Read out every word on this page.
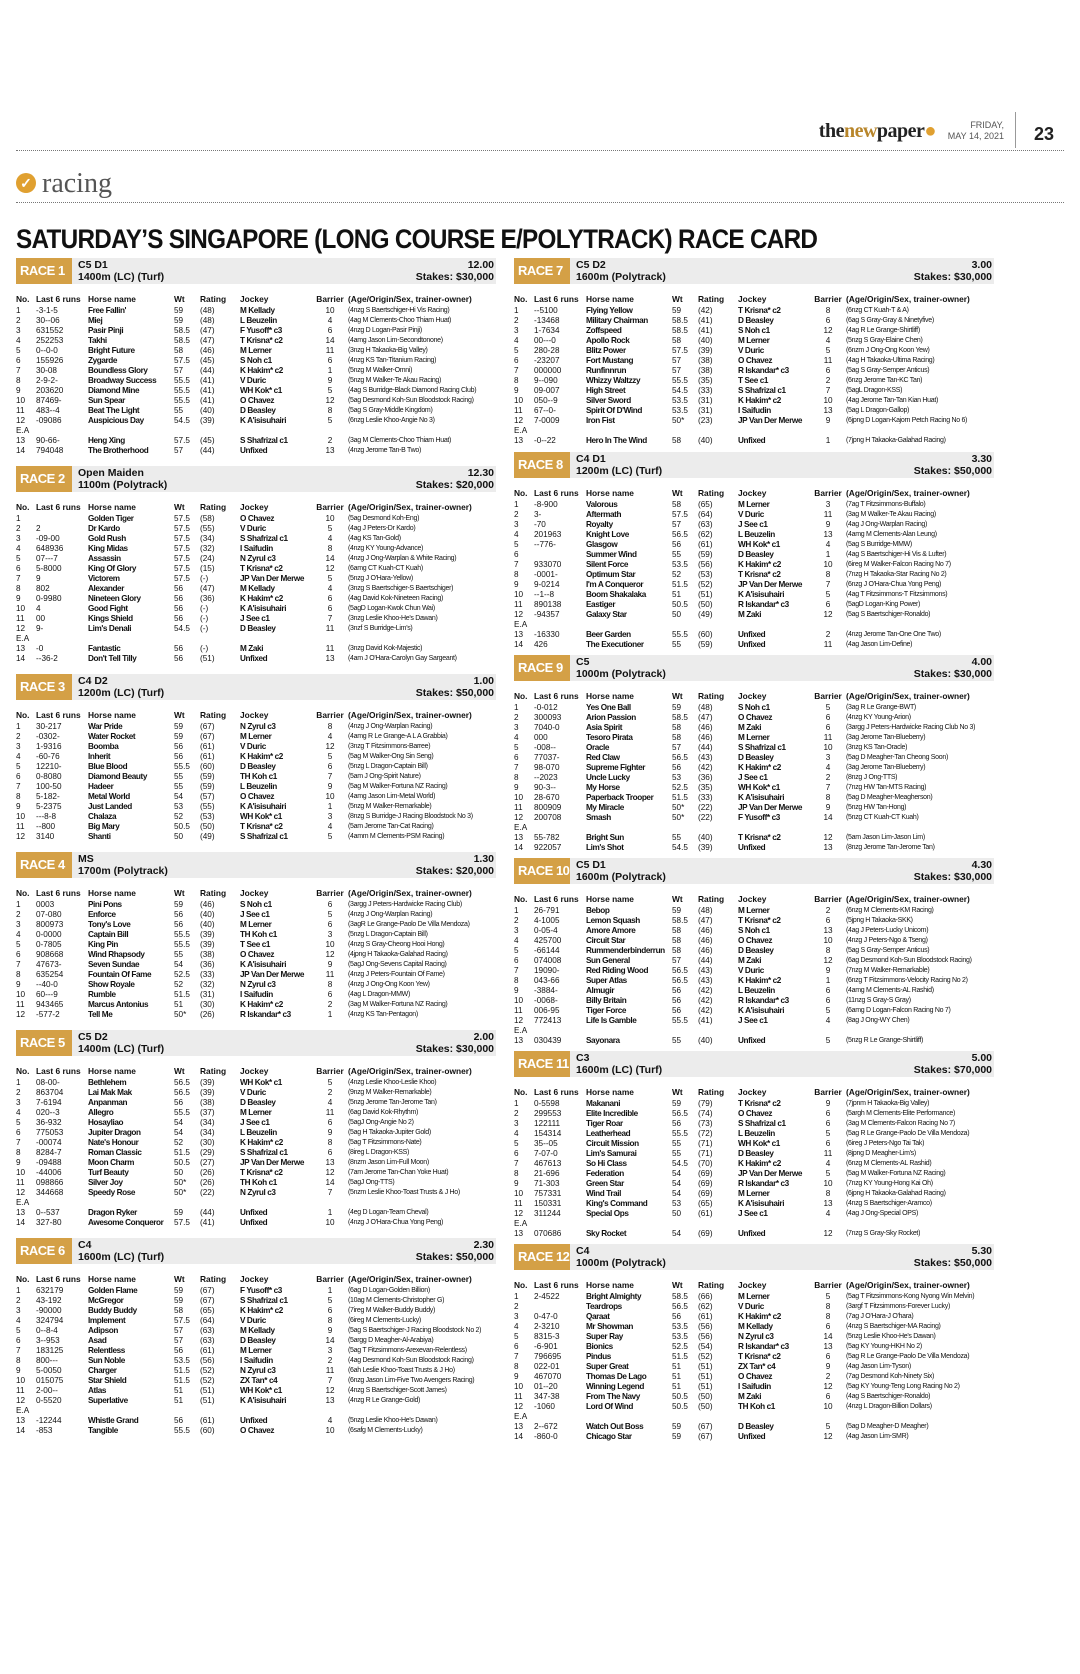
thenewpaper●	FRIDAY,
MAY 14, 2021 23
✓ racing
SATURDAY’S SINGAPORE (LONG COURSE E/POLYTRACK) RACE CARD
RACE 1	C5 D1
1400m (LC) (Turf)
12.00
Stakes: $30,000
No. Last 6 runs Horse name	Wt	Rating	Jockey	Barrier (Age/Origin/Sex, trainer-owner)
1	-3-1-5	Free Fallin'	59	(48)	M Kellady	10	(4nzg S Baertschiger-Hi Vis Racing)
2	30--06	Miej	59	(48)	L Beuzelin	4	(4ag M Clements-Choo Thiam Huat)
3	631552	Pasir Pinji	58.5	(47)	F Yusoff* c3	6	(4nzg D Logan-Pasir Pinji)
4	252253	Takhi	58.5	(47)	T Krisna* c2	14	(4amg Jason Lim-Secondtonone)
5	0--0-0	Bright Future	58	(46)	M Lerner	11	(3nzg H Takaoka-Big Valley)
6	155926	Zygarde	57.5	(45)	S Noh c1	6	(4nzg KS Tan-Titanium Racing)
7	30-08	Boundless Glory	57	(44)	K Hakim* c2	1	(5nzg M Walker-Omni)
8	2-9-2-	Broadway Success	55.5	(41)	V Duric	9	(5nzg M Walker-Te Akau Racing)
9	203620	Diamond Mine	55.5	(41)	WH Kok* c1	5	(4ag S Burridge-Black Diamond Racing Club)
10	87469-	Sun Spear	55.5	(41)	O Chavez	12	(5ag Desmond Koh-Sun Bloodstock Racing)
11	483--4	Beat The Light	55	(40)	D Beasley	8	(5ag S Gray-Middle Kingdom)
12	-09086	Auspicious Day	54.5	(39)	K A'isisuhairi	5	(6nzg Leslie Khoo-Angie No 3)
E.A
13	90-66-	Heng Xing	57.5	(45)	S Shafrizal c1	2	(3ag M Clements-Choo Thiam Huat)
14	794048	The Brotherhood	57	(44)	Unfixed	13	(4nzg Jerome Tan-B Two)
RACE 2	Open Maiden
1100m (Polytrack)
12.30
Stakes: $20,000
No. Last 6 runs Horse name	Wt	Rating	Jockey	Barrier (Age/Origin/Sex, trainer-owner)
1	Golden Tiger	57.5	(58)	O Chavez	10	(5ag Desmond Koh-Eng)
2	2	Dr Kardo	57.5	(55)	V Duric	5	(4ag J Peters-Dr Kardo)
3	-09-00	Gold Rush	57.5	(34)	S Shafrizal c1	4	(4ag KS Tan-Gold)
4	648936	King Midas	57.5	(32)	I Saifudin	8	(4nzg KY Young-Advance)
5	07---7	Assassin	57.5	(24)	N Zyrul c3	14	(4nzg J Ong-Warplan & White Racing)
6	5-8000	King Of Glory	57.5	(15)	T Krisna* c2	12	(6amg CT Kuah-CT Kuah)
7	9	Victorem	57.5	(-)	JP Van Der Merwe	5	(5nzg J O'Hara-Yellow)
8	802	Alexander	56	(47)	M Kellady	4	(3nzg S Baertschiger-S Baertschiger)
9	0-9980	Nineteen Glory	56	(36)	K Hakim* c2	6	(4ag David Kok-Nineteen Racing)
10	4	Good Fight	56	(-)	K A'isisuhairi	6	(5agD Logan-Kwok Chun Wai)
11	00	Kings Shield	56	(-)	J See c1	7	(3nzg Leslie Khoo-He's Dawan)
12	9-	Lim's Denali	54.5	(-)	D Beasley	11	(3nzf S Burridge-Lim's)
E.A
13	-0	Fantastic	56	(-)	M Zaki	11	(3nzg David Kok-Majestic)
14	--36-2	Don't Tell Tilly	56	(51)	Unfixed	13	(4am J O'Hara-Carolyn Gay Sargeant)
RACE 3	C4 D2
1200m (LC) (Turf)
1.00
Stakes: $50,000
No. Last 6 runs Horse name	Wt	Rating	Jockey	Barrier (Age/Origin/Sex, trainer-owner)
1	30-217	War Pride	59	(67)	N Zyrul c3	8	(4nzg J Ong-Warplan Racing)
2	-0302-	Water Rocket	59	(67)	M Lerner	4	(4amg R Le Grange-A L A Grabbia)
3	1-9316	Boomba	56	(61)	V Duric	12	(3nzg T Fitzsimmons-Barree)
4	-60-76	Inherit	56	(61)	K Hakim* c2	5	(5ag M Walker-Ong Sin Seng)
5	12210-	Blue Blood	55.5	(60)	D Beasley	6	(5nzg L Dragon-Captain Bill)
6	0-8080	Diamond Beauty	55	(59)	TH Koh c1	7	(5am J Ong-Spirit Nature)
7	100-50	Hadeer	55	(59)	L Beuzelin	9	(5ag M Walker-Fortuna NZ Racing)
8	5-182-	Metal World	54	(57)	O Chavez	10	(4amg Jason Lim-Metal World)
9	5-2375	Just Landed	53	(55)	K A'isisuhairi	1	(5nzg M Walker-Remarkable)
10	---8-8	Chalaza	52	(53)	WH Kok* c1	3	(8nzg S Burridge-J Racing Bloodstock No 3)
11	--800	Big Mary	50.5	(50)	T Krisna* c2	4	(5am Jerome Tan-Cat Racing)
12	3140	Shanti	50	(49)	S Shafrizal c1	5	(4amm M Clements-PSM Racing)
RACE 4	MS
1700m (Polytrack)
1.30
Stakes: $20,000
No. Last 6 runs Horse name	Wt	Rating	Jockey	Barrier (Age/Origin/Sex, trainer-owner)
1	0003	Pini Pons	59	(46)	S Noh c1	6	(3argg J Peters-Hardwicke Racing Club)
2	07-080	Enforce	56	(40)	J See c1	5	(4nzg J Ong-Warplan Racing)
3	800973	Tony's Love	56	(40)	M Lerner	6	(3agR Le Grange-Paolo De Villa Mendoza)
4	0-0000	Captain Bill	55.5	(39)	TH Koh c1	3	(5nzg L Dragon-Captain Bill)
5	0-7805	King Pin	55.5	(39)	T See c1	10	(4nzg S Gray-Cheong Hooi Hong)
6	908668	Wind Rhapsody	55	(38)	O Chavez	12	(4jpng H Takaoka-Galahad Racing)
7	47673-	Seven Sundae	54	(36)	K A'isisuhairi	9	(5agJ Ong-Sevens Capital Racing)
8	635254	Fountain Of Fame	52.5	(33)	JP Van Der Merwe	11	(4nzg J Peters-Fountain Of Fame)
9	--40-0	Show Royale	52	(32)	N Zyrul c3	8	(4nzg J Ong-Ong Koon Yew)
10	60---9	Rumble	51.5	(31)	I Saifudin	6	(4ag L Dragon-MMW)
11	943465	Marcus Antonius	51	(30)	K Hakim* c2	2	(3ag M Walker-Fortuna NZ Racing)
12	-577-2	Tell Me	50*	(26)	R Iskandar* c3	1	(4nzg KS Tan-Pentagon)
RACE 5	C5 D2
1400m (LC) (Turf)
2.00
Stakes: $30,000
No. Last 6 runs Horse name	Wt	Rating	Jockey	Barrier (Age/Origin/Sex, trainer-owner)
1	08-00-	Bethlehem	56.5	(39)	WH Kok* c1	5	(4nzg Leslie Khoo-Leslie Khoo)
2	863704	Lai Mak Mak	56.5	(39)	V Duric	2	(9nzg M Walker-Remarkable)
3	7-6194	Anpanman	56	(38)	D Beasley	4	(5nzg Jerome Tan-Jerome Tan)
4	020--3	Allegro	55.5	(37)	M Lerner	11	(6ag David Kok-Rhythm)
5	36-932	Hosayliao	54	(34)	J See c1	6	(5agJ Ong-Angie No 2)
6	775053	Jupiter Dragon	54	(34)	L Beuzelin	9	(5ag H Takaoka-Jupiter Gold)
7	-00074	Nate's Honour	52	(30)	K Hakim* c2	8	(5ag T Fitzsimmons-Nate)
8	8284-7	Roman Classic	51.5	(29)	S Shafrizal c1	6	(8ireg L Dragon-KSS)
9	-09488	Moon Charm	50.5	(27)	JP Van Der Merwe	13	(8nzm Jason Lim-Full Moon)
10	-44006	Turf Beauty	50	(26)	T Krisna* c2	12	(7am Jerome Tan-Chan Yoke Huat)
11	098866	Silver Joy	50*	(26)	TH Koh c1	14	(5agJ Ong-TTS)
12	344668	Speedy Rose	50*	(22)	N Zyrul c3	7	(5nzm Leslie Khoo-Toast Trusts & J Ho)
E.A
13	0--537	Dragon Ryker	59	(44)	Unfixed	1	(4eg D Logan-Team Cheval)
14	327-80	Awesome Conqueror	57.5	(41)	Unfixed	10	(4nzg J O'Hara-Chua Yong Peng)
RACE 6	C4
1600m (LC) (Turf)
2.30
Stakes: $50,000
No. Last 6 runs Horse name	Wt	Rating	Jockey	Barrier (Age/Origin/Sex, trainer-owner)
1	632179	Golden Flame	59	(67)	F Yusoff* c3	1	(6ag D Logan-Golden Billion)
2	43-192	McGregor	59	(67)	S Shafrizal c1	5	(10ag M Clements-Christopher G)
3	-90000	Buddy Buddy	58	(65)	K Hakim* c2	6	(7ireg M Walker-Buddy Buddy)
4	324794	Implement	57.5	(64)	V Duric	8	(6ireg M Clements-Lucky)
5	0--8-4	Adipson	57	(63)	M Kellady	9	(5ag S Baertschiger-J Racing Bloodstock No 2)
6	3--953	Asad	57	(63)	D Beasley	14	(5argg D Meagher-Al-Arabiya)
7	183125	Relentless	56	(61)	M Lerner	3	(5ag T Fitzsimmons-Arexevan-Relentless)
8	800---	Sun Noble	53.5	(56)	I Saifudin	2	(4ag Desmond Koh-Sun Bloodstock Racing)
9	5-0050	Charger	51.5	(52)	N Zyrul c3	11	(6ah Leslie Khoo-Toast Trusts & J Ho)
10	015075	Star Shield	51.5	(52)	ZX Tan* c4	7	(6nzg Jason Lim-Five Two Avengers Racing)
11	2-00--	Atlas	51	(51)	WH Kok* c1	12	(4nzg S Baertschiger-Scott James)
12	0-5520	Superlative	51	(51)	K A'isisuhairi	13	(4nzg R Le Grange-Gold)
E.A
13	-12244	Whistle Grand	56	(61)	Unfixed	4	(5nzg Leslie Khoo-He's Dawan)
14	-853	Tangible	55.5	(60)	O Chavez	10	(6safg M Clements-Lucky)
RACE 7	C5 D2
1600m (Polytrack)
3.00
Stakes: $30,000
No. Last 6 runs Horse name	Wt	Rating	Jockey	Barrier (Age/Origin/Sex, trainer-owner)
1	--5100	Flying Yellow	59	(42)	T Krisna* c2	8	(6nzg CT Kuah-T & A)
2	-13468	Military Chairman	58.5	(41)	D Beasley	6	(6ag S Gray-Gray & Ninetyfive)
3	1-7634	Zoffspeed	58.5	(41)	S Noh c1	12	(4ag R Le Grange-Shirtliff)
4	00---0	Apollo Rock	58	(40)	M Lerner	4	(5nzg S Gray-Elaine Chen)
5	280-28	Blitz Power	57.5	(39)	V Duric	5	(6nzm J Ong-Ong Koon Yew)
6	-23207	Fort Mustang	57	(38)	O Chavez	11	(4ag H Takaoka-Ultima Racing)
7	000000	Runfinnrun	57	(38)	R Iskandar* c3	6	(5ag S Gray-Semper Anticus)
8	9--090	Whizzy Waltzzy	55.5	(35)	T See c1	2	(6nzg Jerome Tan-KC Tan)
9	09-007	High Street	54.5	(33)	S Shafrizal c1	7	(5agL Dragon-KSS)
10	050--9	Silver Sword	53.5	(31)	K Hakim* c2	10	(4ag Jerome Tan-Tan Kian Huat)
11	67--0-	Spirit Of D'Wind	53.5	(31)	I Saifudin	13	(5ag L Dragon-Gallop)
12	7-0009	Iron Fist	50*	(23)	JP Van Der Merwe	9	(6jpng D Logan-Kajorn Petch Racing No 6)
E.A
13	-0--22	Hero In The Wind	58	(40)	Unfixed	1	(7jpng H Takaoka-Galahad Racing)
RACE 8	C4 D1
1200m (LC) (Turf)
3.30
Stakes: $50,000
No. Last 6 runs Horse name	Wt	Rating	Jockey	Barrier (Age/Origin/Sex, trainer-owner)
1	-8-900	Valorous	58	(65)	M Lerner	3	(7ag T Fitzsimmons-Buffalo)
2	3-	Aftermath	57.5	(64)	V Duric	11	(3ag M Walker-Te Akau Racing)
3	-70	Royalty	57	(63)	J See c1	9	(4ag J Ong-Warplan Racing)
4	201963	Knight Love	56.5	(62)	L Beuzelin	13	(4amg M Clements-Alan Leung)
5	--776-	Glasgow	56	(61)	WH Kok* c1	4	(5ag S Burridge-MMW)
6	Summer Wind	55	(59)	D Beasley	1	(4ag S Baertschiger-Hi Vis & Lufter)
7	933070	Silent Force	53.5	(56)	K Hakim* c2	10	(6ireg M Walker-Falcon Racing No 7)
8	-0001-	Optimum Star	52	(53)	T Krisna* c2	8	(7nzg H Takaoka-Star Racing No 2)
9	9-0214	I'm A Conqueror	51.5	(52)	JP Van Der Merwe	7	(6nzg J O'Hara-Chua Yong Peng)
10	--1--8	Boom Shakalaka	51	(51)	K A'isisuhairi	5	(4ag T Fitzsimmons-T Fitzsimmons)
11	890138	Eastiger	50.5	(50)	R Iskandar* c3	6	(5agD Logan-King Power)
12	-94357	Galaxy Star	50	(49)	M Zaki	12	(5ag S Baertschiger-Ronaldo)
E.A
13	-16330	Beer Garden	55.5	(60)	Unfixed	2	(4nzg Jerome Tan-One One Two)
14	426	The Executioner	55	(59)	Unfixed	11	(4ag Jason Lim-Define)
RACE 9	C5
1000m (Polytrack)
4.00
Stakes: $30,000
No. Last 6 runs Horse name	Wt	Rating	Jockey	Barrier (Age/Origin/Sex, trainer-owner)
1	-0-012	Yes One Ball	59	(48)	S Noh c1	5	(3ag R Le Grange-BWT)
2	300093	Arion Passion	58.5	(47)	O Chavez	6	(4nzg KY Young-Arion)
3	7040-0	Asia Spirit	58	(46)	M Zaki	6	(3argg J Peters-Hardwicke Racing Club No 3)
4	000	Tesoro Pirata	58	(46)	M Lerner	11	(3ag Jerome Tan-Blueberry)
5	-008--	Oracle	57	(44)	S Shafrizal c1	10	(3nzg KS Tan-Oracle)
6	77037-	Red Claw	56.5	(43)	D Beasley	3	(5ag D Meagher-Tan Cheong Soon)
7	98-070	Supreme Fighter	56	(42)	K Hakim* c2	4	(3ag Jerome Tan-Blueberry)
8	--2023	Uncle Lucky	53	(36)	J See c1	2	(8nzg J Ong-TTS)
9	90-3--	My Horse	52.5	(35)	WH Kok* c1	7	(7nzg HW Tan-MTS Racing)
10	28-670	Paperback Trooper	51.5	(33)	K A'isisuhairi	8	(5ag D Meagher-Meagherson)
11	800909	My Miracle	50*	(22)	JP Van Der Merwe	9	(5nzg HW Tan-Hong)
12	200708	Smash	50*	(22)	F Yusoff* c3	14	(5nzg CT Kuah-CT Kuah)
E.A
13	55-782	Bright Sun	55	(40)	T Krisna* c2	12	(5am Jason Lim-Jason Lim)
14	922057	Lim's Shot	54.5	(39)	Unfixed	13	(8nzg Jerome Tan-Jerome Tan)
RACE 10 C5 D1
1600m (Polytrack)
4.30
Stakes: $30,000
No. Last 6 runs Horse name	Wt	Rating	Jockey	Barrier (Age/Origin/Sex, trainer-owner)
1	26-791	Bebop	59	(48)	M Lerner	2	(6nzg M Clements-KM Racing)
2	4-1005	Lemon Squash	58.5	(47)	T Krisna* c2	6	(5jpng H Takaoka-SKK)
3	0-05-4	Amore Amore	58	(46)	S Noh c1	13	(4ag J Peters-Lucky Unicorn)
4	425700	Circuit Star	58	(46)	O Chavez	10	(4nzg J Peters-Ngo & Tseng)
5	-66144	Rummenderbinderrun 58	(46)	D Beasley	8	(5ag S Gray-Semper Anticus)
6	074008	Sun General	57	(44)	M Zaki	12	(6ag Desmond Koh-Sun Bloodstock Racing)
7	19090-	Red Riding Wood	56.5	(43)	V Duric	9	(7nzg M Walker-Remarkable)
8	043-66	Super Atlas	56.5	(43)	K Hakim* c2	1	(6nzg T Fitzsimmons-Velocity Racing No 2)
9	-3884-	Almugir	56	(42)	L Beuzelin	6	(4amg M Clements-AL Rashid)
10	-0068-	Billy Britain	56	(42)	R Iskandar* c3	6	(11nzg S Gray-S Gray)
11	006-95	Tiger Force	56	(42)	K A'isisuhairi	5	(6amg D Logan-Falcon Racing No 7)
12	772413	Life Is Gamble	55.5	(41)	J See c1	4	(8ag J Ong-WY Chen)
E.A
13	030439	Sayonara	55	(40)	Unfixed	5	(5nzg R Le Grange-Shirtliff)
RACE 11 C3
1600m (LC) (Turf)
5.00
Stakes: $70,000
No. Last 6 runs Horse name	Wt	Rating	Jockey	Barrier (Age/Origin/Sex, trainer-owner)
1	0-5598	Makanani	59	(79)	T Krisna* c2	9	(7jpnm H Takaoka-Big Valley)
2	299553	Elite Incredible	56.5	(74)	O Chavez	6	(5argh M Clements-Elite Performance)
3	122111	Tiger Roar	56	(73)	S Shafrizal c1	6	(3ag M Clements-Falcon Racing No 7)
4	154314	Leatherhead	55.5	(72)	L Beuzelin	5	(5ag R Le Grange-Paolo De Villa Mendoza)
5	35--05	Circuit Mission	55	(71)	WH Kok* c1	6	(6ireg J Peters-Ngo Tai Tak)
6	7-07-0	Lim's Samurai	55	(71)	D Beasley	11	(8jpng D Meagher-Lim's)
7	467613	So Hi Class	54.5	(70)	K Hakim* c2	4	(6nzg M Clements-AL Rashid)
8	21-696	Federation	54	(69)	JP Van Der Merwe	5	(5ag M Walker-Fortuna NZ Racing)
9	71-303	Green Star	54	(69)	R Iskandar* c3	10	(7nzg KY Young-Hong Kai Oh)
10	757331	Wind Trail	54	(69)	M Lerner	8	(6jpng H Takaoka-Galahad Racing)
11	150331	King's Command	53	(65)	K A'isisuhairi	13	(4nzg S Baertschiger-Aramco)
12	311244	Special Ops	50	(61)	J See c1	4	(4ag J Ong-Special OPS)
E.A
13	070686	Sky Rocket	54	(69)	Unfixed	12	(7nzg S Gray-Sky Rocket)
RACE 12 C4
1000m (Polytrack)
5.30
Stakes: $50,000
No. Last 6 runs Horse name	Wt	Rating	Jockey	Barrier (Age/Origin/Sex, trainer-owner)
1	2-4522	Bright Almighty	58.5	(66)	M Lerner	5	(5ag T Fitzsimmons-Kong Nyong Win Melvin)
2	Teardrops	56.5	(62)	V Duric	8	(3argf T Fitzsimmons-Forever Lucky)
3	0-47-0	Qaraat	56	(61)	K Hakim* c2	8	(7ag J O'Hara-J O'hara)
4	2-3210	Mr Showman	53.5	(56)	M Kellady	6	(4nzg S Baertschiger-MA Racing)
5	8315-3	Super Ray	53.5	(56)	N Zyrul c3	14	(5nzg Leslie Khoo-He's Dawan)
6	-6-901	Bionics	52.5	(54)	R Iskandar* c3	13	(5ag KY Young-HKH No 2)
7	796695	Pindus	51.5	(52)	T Krisna* c2	6	(5ag R Le Grange-Paolo De Villa Mendoza)
8	022-01	Super Great	51	(51)	ZX Tan* c4	9	(4ag Jason Lim-Tyson)
9	467070	Thomas De Lago	51	(51)	O Chavez	2	(7ag Desmond Koh-Ninety Six)
10	01--20	Winning Legend	51	(51)	I Saifudin	12	(5ag KY Young-Teng Long Racing No 2)
11	347-38	From The Navy	50.5	(50)	M Zaki	6	(4ag S Baertschiger-Ronaldo)
12	-1060	Lord Of Wind	50.5	(50)	TH Koh c1	10	(4nzg L Dragon-Billion Dollars)
E.A
13	2--672	Watch Out Boss	59	(67)	D Beasley	5	(5ag D Meagher-D Meagher)
14	-860-0	Chicago Star	59	(67)	Unfixed	12	(4ag Jason Lim-SMR)
